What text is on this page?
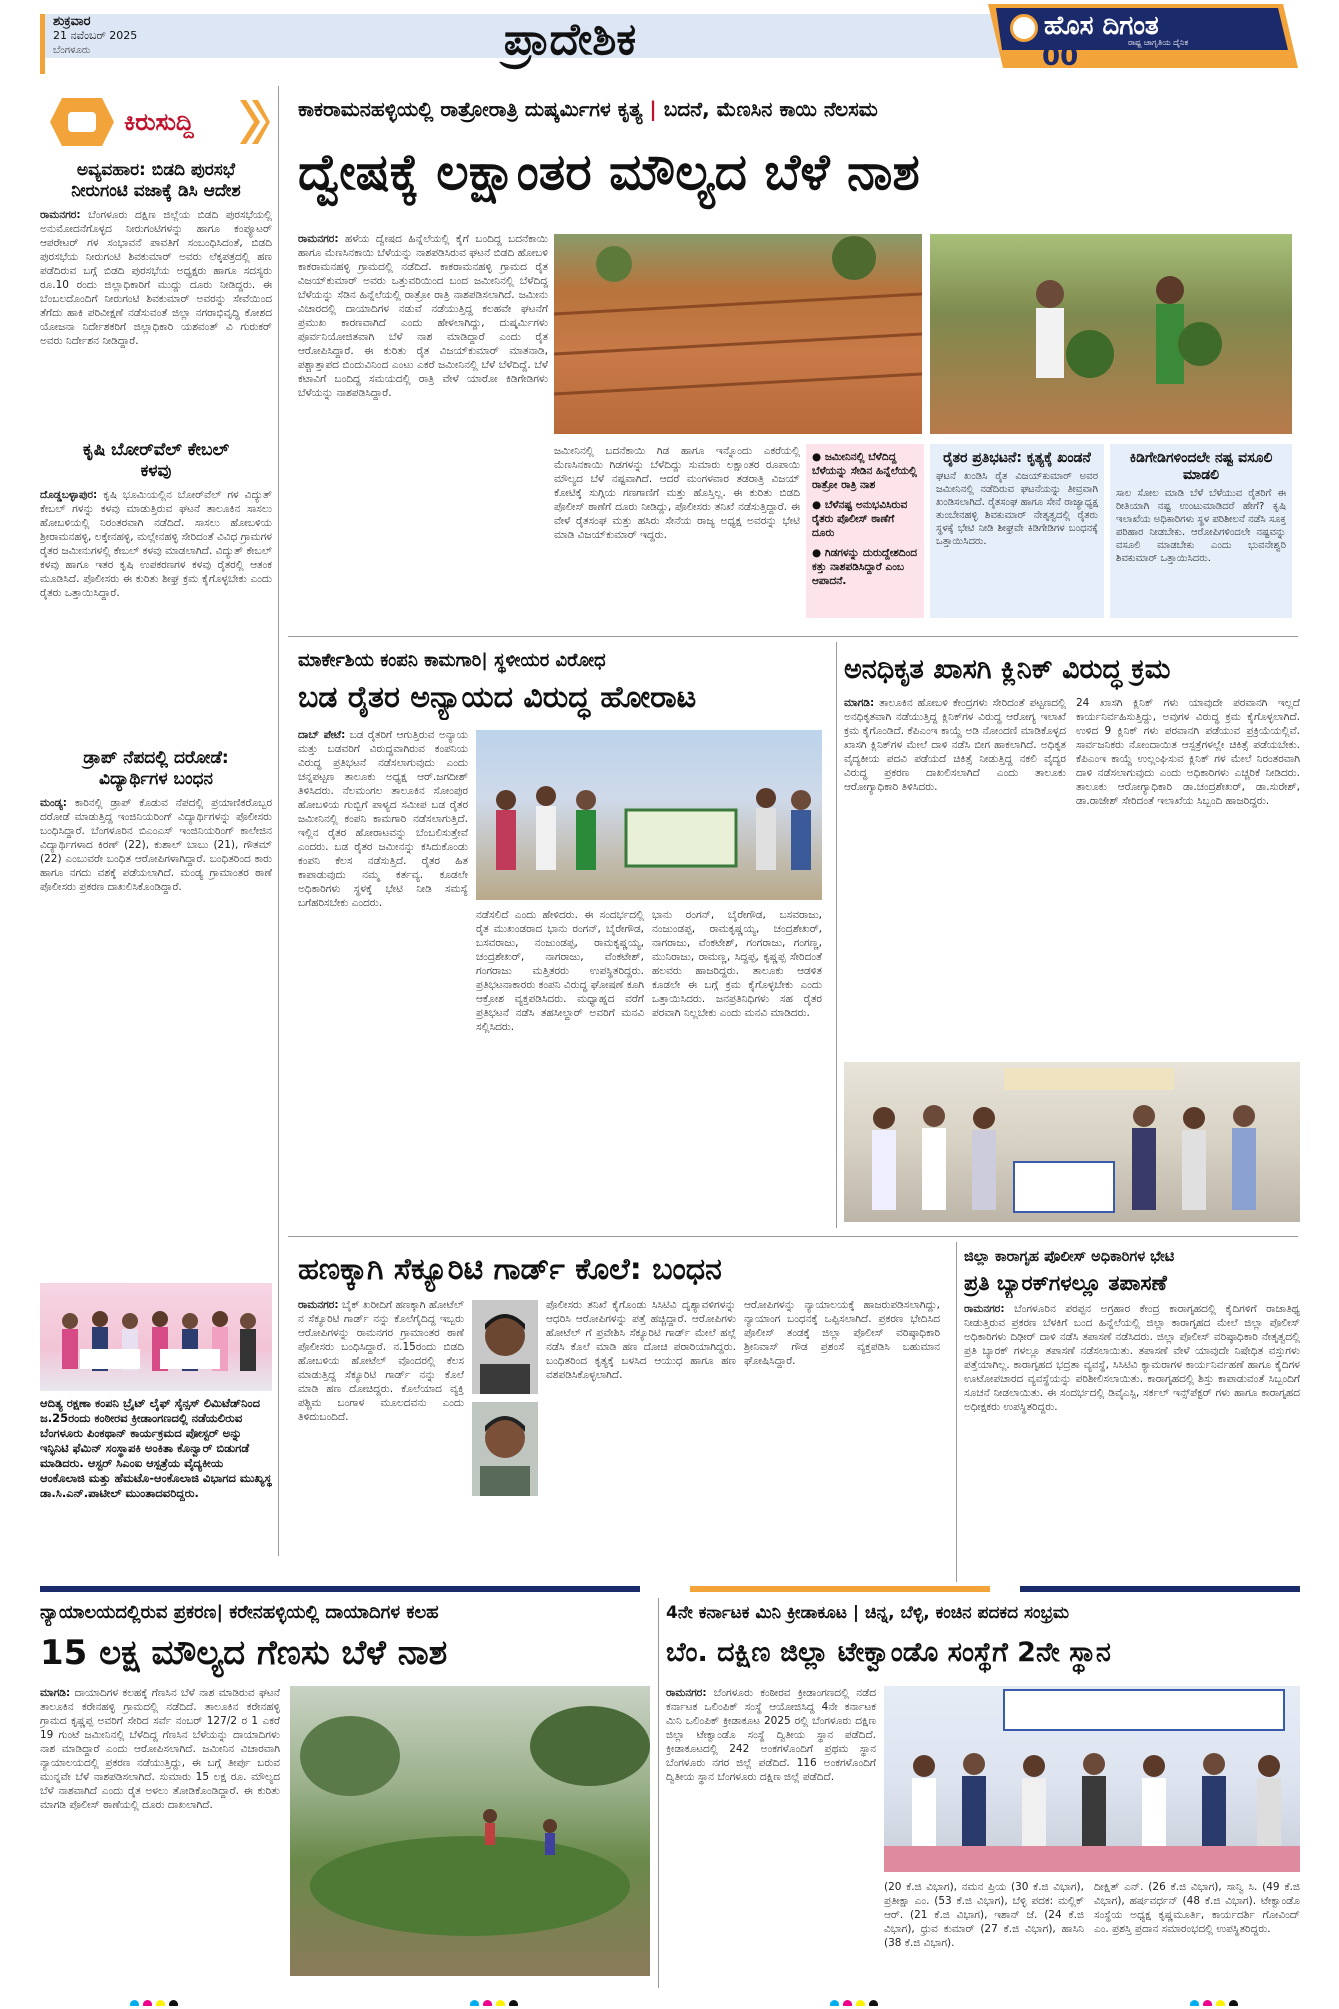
ಶುಕ್ರವಾರ
21 ನವೆಂಬರ್ 2025
ಬೆಂಗಳೂರು	ಪ್ರಾದೇಶಿಕ	ಹೊಸ ದಿಗಂತ
ರಾಷ್ಟ್ರ ಜಾಗೃತಿಯ ದೈನಿಕ
00
ಕಿರುಸುದ್ದಿ
ಅವ್ಯವಹಾರ: ಬಿಡದಿ ಪುರಸಭೆ ನೀರುಗಂಟಿ ವಜಾಕ್ಕೆ ಡಿಸಿ ಆದೇಶ
ರಾಮನಗರ: ಬೆಂಗಳೂರು ದಕ್ಷಿಣ ಜಿಲ್ಲೆಯ ಬಿಡದಿ ಪುರಸಭೆಯಲ್ಲಿ ಅನುಮೋದನೆಗೊಳ್ಳದ ನೀರುಗಂಟಿಗಳನ್ನು ಹಾಗೂ ಕಂಪ್ಯೂಟರ್ ಆಪರೇಟರ್ ಗಳ ಸಂಭಾವನೆ ಪಾವತಿಗೆ ಸಂಬಂಧಿಸಿದಂತೆ, ಬಿಡದಿ ಪುರಸಭೆಯ ನೀರುಗಂಟಿ ಶಿವಕುಮಾರ್ ಅವರು ಲೆಕ್ಕಪತ್ರದಲ್ಲಿ ಹಣ ಪಡೆದಿರುವ ಬಗ್ಗೆ ಬಿಡದಿ ಪುರಸಭೆಯ ಅಧ್ಯಕ್ಷರು ಹಾಗೂ ಸದಸ್ಯರು ರೂ.10 ರಂದು ಜಿಲ್ಲಾಧಿಕಾರಿಗೆ ಮುದ್ದು ದೂರು ನೀಡಿದ್ದರು. ಈ ಬೆಂಬಲದೊಂದಿಗೆ ನೀರುಗಂಟಿ ಶಿವಕುಮಾರ್ ಅವರನ್ನು ಸೇವೆಯಿಂದ ತೆಗೆದು ಹಾಕಿ ಪರಿವೀಕ್ಷಣೆ ನಡೆಸುವಂತೆ ಜಿಲ್ಲಾ ನಗರಾಭಿವೃದ್ಧಿ ಕೋಶದ ಯೋಜನಾ ನಿರ್ದೇಶಕರಿಗೆ ಜಿಲ್ಲಾಧಿಕಾರಿ ಯಶವಂತ್ ವಿ ಗುರುಕರ್ ಅವರು ನಿರ್ದೇಶನ ನೀಡಿದ್ದಾರೆ.
ಕೃಷಿ ಬೋರ್‌ವೆಲ್ ಕೇಬಲ್ ಕಳವು
ದೊಡ್ಡಬಳ್ಳಾಪುರ: ಕೃಷಿ ಭೂಮಿಯಲ್ಲಿನ ಬೋರ್‌ವೆಲ್ ಗಳ ವಿದ್ಯುತ್ ಕೇಬಲ್ ಗಳನ್ನು ಕಳವು ಮಾಡುತ್ತಿರುವ ಘಟನೆ ತಾಲೂಕಿನ ಸಾಸಲು ಹೋಬಳಿಯಲ್ಲಿ ನಿರಂತರವಾಗಿ ನಡೆದಿದೆ. ಸಾಸಲು ಹೋಬಳಿಯ ಶ್ರೀರಾಮನಹಳ್ಳಿ, ಲಕ್ಕೇನಹಳ್ಳಿ, ಮಲ್ಲೇನಹಳ್ಳಿ ಸೇರಿದಂತೆ ವಿವಿಧ ಗ್ರಾಮಗಳ ರೈತರ ಜಮೀನುಗಳಲ್ಲಿ ಕೇಬಲ್ ಕಳವು ಮಾಡಲಾಗಿದೆ. ವಿದ್ಯುತ್ ಕೇಬಲ್ ಕಳವು ಹಾಗೂ ಇತರ ಕೃಷಿ ಉಪಕರಣಗಳ ಕಳವು ರೈತರಲ್ಲಿ ಆತಂಕ ಮೂಡಿಸಿದೆ. ಪೊಲೀಸರು ಈ ಕುರಿತು ಶೀಘ್ರ ಕ್ರಮ ಕೈಗೊಳ್ಳಬೇಕು ಎಂದು ರೈತರು ಒತ್ತಾಯಿಸಿದ್ದಾರೆ.
ಡ್ರಾಪ್ ನೆಪದಲ್ಲಿ ದರೋಡೆ: ವಿದ್ಯಾರ್ಥಿಗಳ ಬಂಧನ
ಮಂಡ್ಯ: ಕಾರಿನಲ್ಲಿ ಡ್ರಾಪ್ ಕೊಡುವ ನೆಪದಲ್ಲಿ ಪ್ರಯಾಣಿಕರೊಬ್ಬರ ದರೋಡೆ ಮಾಡುತ್ತಿದ್ದ ಇಂಜಿನಿಯರಿಂಗ್ ವಿದ್ಯಾರ್ಥಿಗಳನ್ನು ಪೊಲೀಸರು ಬಂಧಿಸಿದ್ದಾರೆ. ಬೆಂಗಳೂರಿನ ಬಿಎಂಎಸ್ ಇಂಜಿನಿಯರಿಂಗ್ ಕಾಲೇಜಿನ ವಿದ್ಯಾರ್ಥಿಗಳಾದ ಕಿರಣ್ (22), ಕುಶಾಲ್ ಬಾಬು (21), ಗೌತಮ್ (22) ಎಂಬುವರೇ ಬಂಧಿತ ಆರೋಪಿಗಳಾಗಿದ್ದಾರೆ. ಬಂಧಿತರಿಂದ ಕಾರು ಹಾಗೂ ನಗದು ವಶಕ್ಕೆ ಪಡೆಯಲಾಗಿದೆ. ಮಂಡ್ಯ ಗ್ರಾಮಾಂತರ ಠಾಣೆ ಪೊಲೀಸರು ಪ್ರಕರಣ ದಾಖಲಿಸಿಕೊಂಡಿದ್ದಾರೆ.
ಆದಿತ್ಯ ರಕ್ಷಣಾ ಕಂಪನಿ ಬ್ರೈಟ್ ಲೈಫ್ ಸೈನ್ಸಸ್ ಲಿಮಿಟೆಡ್‌ನಿಂದ ಜ.25ರಂದು ಕಂಠೀರವ ಕ್ರೀಡಾಂಗಣದಲ್ಲಿ ನಡೆಯಲಿರುವ ಬೆಂಗಳೂರು ಪಿಂಕಥಾನ್ ಕಾರ್ಯಕ್ರಮದ ಪೋಸ್ಟರ್ ಅನ್ನು ಇನ್ಫಿನಿಟಿ ಫೆಮಿನ್ ಸಂಸ್ಥಾಪಕಿ ಅಂಕಿತಾ ಕೊನ್ವಾರ್ ಬಿಡುಗಡೆ ಮಾಡಿದರು. ಆಸ್ಟರ್ ಸಿಎಂಐ ಆಸ್ಪತ್ರೆಯ ವೈದ್ಯಕೀಯ ಆಂಕೊಲಾಜಿ ಮತ್ತು ಹೆಮಟೊ-ಆಂಕೊಲಾಜಿ ವಿಭಾಗದ ಮುಖ್ಯಸ್ಥ ಡಾ.ಸಿ.ಎನ್.ಪಾಟೀಲ್ ಮುಂತಾದವರಿದ್ದರು.
ಕಾಕರಾಮನಹಳ್ಳಿಯಲ್ಲಿ ರಾತ್ರೋರಾತ್ರಿ ದುಷ್ಕರ್ಮಿಗಳ ಕೃತ್ಯ | ಬದನೆ, ಮೆಣಸಿನ ಕಾಯಿ ನೆಲಸಮ
ದ್ವೇಷಕ್ಕೆ ಲಕ್ಷಾಂತರ ಮೌಲ್ಯದ ಬೆಳೆ ನಾಶ
ರಾಮನಗರ: ಹಳೆಯ ದ್ವೇಷದ ಹಿನ್ನೆಲೆಯಲ್ಲಿ ಕೈಗೆ ಬಂದಿದ್ದ ಬದನೆಕಾಯಿ ಹಾಗೂ ಮೆಣಸಿನಕಾಯಿ ಬೆಳೆಯನ್ನು ನಾಶಪಡಿಸಿರುವ ಘಟನೆ ಬಿಡದಿ ಹೋಬಳಿ ಕಾಕರಾಮನಹಳ್ಳಿ ಗ್ರಾಮದಲ್ಲಿ ನಡೆದಿದೆ. ಕಾಕರಾಮನಹಳ್ಳಿ ಗ್ರಾಮದ ರೈತ ವಿಜಯ್‌ಕುಮಾರ್ ಅವರು ಒತ್ತುವರಿಯಿಂದ ಬಂದ ಜಮೀನಿನಲ್ಲಿ ಬೆಳೆದಿದ್ದ ಬೆಳೆಯನ್ನು ಸೆಡಿನ ಹಿನ್ನೆಲೆಯಲ್ಲಿ ರಾತ್ರೋ ರಾತ್ರಿ ನಾಶಪಡಿಸಲಾಗಿದೆ. ಜಮೀನು ವಿಚಾರದಲ್ಲಿ ದಾಯಾದಿಗಳ ನಡುವೆ ನಡೆಯುತ್ತಿದ್ದ ಕಲಹವೇ ಘಟನೆಗೆ ಪ್ರಮುಖ ಕಾರಣವಾಗಿದೆ ಎಂದು ಹೇಳಲಾಗಿದ್ದು, ದುಷ್ಕರ್ಮಿಗಳು ಪೂರ್ವನಿಯೋಜಿತವಾಗಿ ಬೆಳೆ ನಾಶ ಮಾಡಿದ್ದಾರೆ ಎಂದು ರೈತ ಆರೋಪಿಸಿದ್ದಾರೆ. ಈ ಕುರಿತು ರೈತ ವಿಜಯ್‌ಕುಮಾರ್ ಮಾತನಾಡಿ, ಪಶ್ಚಾತ್ತಾಪದ ಬಿಂದುವಿನಿಂದ ಎಂಟು ಎಕರೆ ಜಮೀನಿನಲ್ಲಿ ಬೆಳೆ ಬೆಳೆದಿದ್ದೆ. ಬೆಳೆ ಕಟಾವಿಗೆ ಬಂದಿದ್ದ ಸಮಯದಲ್ಲಿ ರಾತ್ರಿ ವೇಳೆ ಯಾರೋ ಕಿಡಿಗೇಡಿಗಳು ಬೆಳೆಯನ್ನು ನಾಶಪಡಿಸಿದ್ದಾರೆ.
ಜಮೀನಿನಲ್ಲಿ ಬದನೆಕಾಯಿ ಗಿಡ ಹಾಗೂ ಇನ್ನೊಂದು ಎಕರೆಯಲ್ಲಿ ಮೆಣಸಿನಕಾಯಿ ಗಿಡಗಳನ್ನು ಬೆಳೆದಿದ್ದು ಸುಮಾರು ಲಕ್ಷಾಂತರ ರೂಪಾಯಿ ಮೌಲ್ಯದ ಬೆಳೆ ನಷ್ಟವಾಗಿದೆ. ಆದರೆ ಮಂಗಳವಾರ ತಡರಾತ್ರಿ ವಿಜಯ್ ಕೋಟಿಕ್ಕೆ ಸುಗ್ಗಿಯ ಗಣಗಾಣಿಗೆ ಮತ್ತು ಹೊಸ್ತಿಲ್ಲ. ಈ ಕುರಿತು ಬಿಡದಿ ಪೊಲೀಸ್ ಠಾಣೆಗೆ ದೂರು ನೀಡಿದ್ದು, ಪೊಲೀಸರು ತನಿಖೆ ನಡೆಸುತ್ತಿದ್ದಾರೆ. ಈ ವೇಳೆ ರೈತಸಂಘ ಮತ್ತು ಹಸಿರು ಸೇನೆಯ ರಾಜ್ಯ ಅಧ್ಯಕ್ಷ ಅವರನ್ನು ಭೇಟಿ ಮಾಡಿ ವಿಜಯ್‌ಕುಮಾರ್ ಇದ್ದರು.
● ಜಮೀನಿನಲ್ಲಿ ಬೆಳೆದಿದ್ದ ಬೆಳೆಯನ್ನು ಸೇಡಿನ ಹಿನ್ನೆಲೆಯಲ್ಲಿ ರಾತ್ರೋ ರಾತ್ರಿ ನಾಶ
● ಬೆಳೆನಷ್ಟ ಅನುಭವಿಸಿರುವ ರೈತರು ಪೊಲೀಸ್ ಠಾಣೆಗೆ ದೂರು
● ಗಿಡಗಳನ್ನು ದುರುದ್ದೇಶದಿಂದ ಕತ್ತು ನಾಶಪಡಿಸಿದ್ದಾರೆ ಎಂಬ ಆಪಾದನೆ.
ರೈತರ ಪ್ರತಿಭಟನೆ: ಕೃತ್ಯಕ್ಕೆ ಖಂಡನೆ
ಘಟನೆ ಖಂಡಿಸಿ ರೈತ ವಿಜಯ್‌ಕುಮಾರ್ ಅವರ ಜಮೀನಿನಲ್ಲಿ ನಡೆದಿರುವ ಘಟನೆಯನ್ನು ತೀವ್ರವಾಗಿ ಖಂಡಿಸಲಾಗಿದೆ. ರೈತಸಂಘ ಹಾಗೂ ಸೇನೆ ರಾಜ್ಯಾಧ್ಯಕ್ಷ ತುಂಬೇನಹಳ್ಳಿ ಶಿವಕುಮಾರ್ ನೇತೃತ್ವದಲ್ಲಿ ರೈತರು ಸ್ಥಳಕ್ಕೆ ಭೇಟಿ ನೀಡಿ ಶೀಘ್ರವೇ ಕಿಡಿಗೇಡಿಗಳ ಬಂಧನಕ್ಕೆ ಒತ್ತಾಯಿಸಿದರು.
ಕಿಡಿಗೇಡಿಗಳಿಂದಲೇ ನಷ್ಟ ವಸೂಲಿ ಮಾಡಲಿ
ಸಾಲ ಸೋಲ ಮಾಡಿ ಬೆಳೆ ಬೆಳೆಯುವ ರೈತರಿಗೆ ಈ ರೀತಿಯಾಗಿ ನಷ್ಟ ಉಂಟುಮಾಡಿದರೆ ಹೇಗೆ? ಕೃಷಿ ಇಲಾಖೆಯ ಅಧಿಕಾರಿಗಳು ಸ್ಥಳ ಪರಿಶೀಲನೆ ನಡೆಸಿ ಸೂಕ್ತ ಪರಿಹಾರ ನೀಡಬೇಕು. ಆರೋಪಿಗಳಿಂದಲೇ ನಷ್ಟವನ್ನು ವಸೂಲಿ ಮಾಡಬೇಕು ಎಂದು ಭುವನೇಶ್ವರಿ ಶಿವಕುಮಾರ್ ಒತ್ತಾಯಿಸಿದರು.
ಮಾರ್ಕೇಶಿಯ ಕಂಪನಿ ಕಾಮಗಾರಿ| ಸ್ಥಳೀಯರ ವಿರೋಧ
ಬಡ ರೈತರ ಅನ್ಯಾಯದ ವಿರುದ್ಧ ಹೋರಾಟ
ದಾಬ್ ಪೇಟೆ: ಬಡ ರೈತರಿಗೆ ಆಗುತ್ತಿರುವ ಅನ್ಯಾಯ ಮತ್ತು ಬಡವರಿಗೆ ವಿರುದ್ಧವಾಗಿರುವ ಕಂಪನಿಯ ವಿರುದ್ಧ ಪ್ರತಿಭಟನೆ ನಡೆಸಲಾಗುವುದು ಎಂದು ಚನ್ನಪಟ್ಟಣ ತಾಲೂಕು ಅಧ್ಯಕ್ಷ ಆರ್.ಜಗದೀಶ್ ತಿಳಿಸಿದರು. ನೆಲಮಂಗಲ ತಾಲೂಕಿನ ಸೋಂಪುರ ಹೋಬಳಿಯ ಗುಬ್ಬಿಗೆ ಪಾಳ್ಯದ ಸಮೀಪ ಬಡ ರೈತರ ಜಮೀನಿನಲ್ಲಿ ಕಂಪನಿ ಕಾಮಗಾರಿ ನಡೆಸಲಾಗುತ್ತಿದೆ. ಇಲ್ಲಿನ ರೈತರ ಹೋರಾಟವನ್ನು ಬೆಂಬಲಿಸುತ್ತೇವೆ ಎಂದರು. ಬಡ ರೈತರ ಜಮೀನನ್ನು ಕಸಿದುಕೊಂಡು ಕಂಪನಿ ಕೆಲಸ ನಡೆಸುತ್ತಿದೆ. ರೈತರ ಹಿತ ಕಾಪಾಡುವುದು ನಮ್ಮ ಕರ್ತವ್ಯ. ಕೂಡಲೇ ಅಧಿಕಾರಿಗಳು ಸ್ಥಳಕ್ಕೆ ಭೇಟಿ ನೀಡಿ ಸಮಸ್ಯೆ ಬಗೆಹರಿಸಬೇಕು ಎಂದರು.
ನಡೆಸಲಿದೆ ಎಂದು ಹೇಳಿದರು. ಈ ಸಂದರ್ಭದಲ್ಲಿ ರೈತ ಮುಖಂಡರಾದ ಭಾನು ರಂಗನ್, ಬೈರೇಗೌಡ, ಬಸವರಾಜು, ನಂಜುಂಡಪ್ಪ, ರಾಮಕೃಷ್ಣಯ್ಯ, ಚಂದ್ರಶೇಖರ್, ನಾಗರಾಜು, ವೆಂಕಟೇಶ್, ಗಂಗರಾಜು ಮತ್ತಿತರರು ಉಪಸ್ಥಿತರಿದ್ದರು. ಪ್ರತಿಭಟನಾಕಾರರು ಕಂಪನಿ ವಿರುದ್ಧ ಘೋಷಣೆ ಕೂಗಿ ಆಕ್ರೋಶ ವ್ಯಕ್ತಪಡಿಸಿದರು. ಮಧ್ಯಾಹ್ನದ ವರೆಗೆ ಪ್ರತಿಭಟನೆ ನಡೆಸಿ ತಹಸೀಲ್ದಾರ್ ಅವರಿಗೆ ಮನವಿ ಸಲ್ಲಿಸಿದರು.
ಭಾನು ರಂಗನ್, ಬೈರೇಗೌಡ, ಬಸವರಾಜು, ನಂಜುಂಡಪ್ಪ, ರಾಮಕೃಷ್ಣಯ್ಯ, ಚಂದ್ರಶೇಖರ್, ನಾಗರಾಜು, ವೆಂಕಟೇಶ್, ಗಂಗರಾಜು, ಗಂಗಣ್ಣ, ಮುನಿರಾಜು, ರಾಮಣ್ಣ, ಸಿದ್ದಪ್ಪ, ಕೃಷ್ಣಪ್ಪ ಸೇರಿದಂತೆ ಹಲವರು ಹಾಜರಿದ್ದರು. ತಾಲೂಕು ಆಡಳಿತ ಕೂಡಲೇ ಈ ಬಗ್ಗೆ ಕ್ರಮ ಕೈಗೊಳ್ಳಬೇಕು ಎಂದು ಒತ್ತಾಯಿಸಿದರು. ಜನಪ್ರತಿನಿಧಿಗಳು ಸಹ ರೈತರ ಪರವಾಗಿ ನಿಲ್ಲಬೇಕು ಎಂದು ಮನವಿ ಮಾಡಿದರು.
ಅನಧಿಕೃತ ಖಾಸಗಿ ಕ್ಲಿನಿಕ್ ವಿರುದ್ಧ ಕ್ರಮ
ಮಾಗಡಿ: ತಾಲೂಕಿನ ಹೋಬಳಿ ಕೇಂದ್ರಗಳು ಸೇರಿದಂತೆ ಪಟ್ಟಣದಲ್ಲಿ ಅನಧಿಕೃತವಾಗಿ ನಡೆಯುತ್ತಿದ್ದ ಕ್ಲಿನಿಕ್‌ಗಳ ವಿರುದ್ಧ ಆರೋಗ್ಯ ಇಲಾಖೆ ಕ್ರಮ ಕೈಗೊಂಡಿದೆ. ಕೆಪಿಎಂಇ ಕಾಯ್ದೆ ಅಡಿ ನೋಂದಣಿ ಮಾಡಿಕೊಳ್ಳದ ಖಾಸಗಿ ಕ್ಲಿನಿಕ್‌ಗಳ ಮೇಲೆ ದಾಳಿ ನಡೆಸಿ ಬೀಗ ಹಾಕಲಾಗಿದೆ. ಅಧಿಕೃತ ವೈದ್ಯಕೀಯ ಪದವಿ ಪಡೆಯದೆ ಚಿಕಿತ್ಸೆ ನೀಡುತ್ತಿದ್ದ ನಕಲಿ ವೈದ್ಯರ ವಿರುದ್ಧ ಪ್ರಕರಣ ದಾಖಲಿಸಲಾಗಿದೆ ಎಂದು ತಾಲೂಕು ಆರೋಗ್ಯಾಧಿಕಾರಿ ತಿಳಿಸಿದರು.
24 ಖಾಸಗಿ ಕ್ಲಿನಿಕ್ ಗಳು ಯಾವುದೇ ಪರವಾನಗಿ ಇಲ್ಲದೆ ಕಾರ್ಯನಿರ್ವಹಿಸುತ್ತಿದ್ದು, ಅವುಗಳ ವಿರುದ್ಧ ಕ್ರಮ ಕೈಗೊಳ್ಳಲಾಗಿದೆ. ಉಳಿದ 9 ಕ್ಲಿನಿಕ್ ಗಳು ಪರವಾನಗಿ ಪಡೆಯುವ ಪ್ರಕ್ರಿಯೆಯಲ್ಲಿವೆ. ಸಾರ್ವಜನಿಕರು ನೋಂದಾಯಿತ ಆಸ್ಪತ್ರೆಗಳಲ್ಲೇ ಚಿಕಿತ್ಸೆ ಪಡೆಯಬೇಕು. ಕೆಪಿಎಂಇ ಕಾಯ್ದೆ ಉಲ್ಲಂಘಿಸುವ ಕ್ಲಿನಿಕ್ ಗಳ ಮೇಲೆ ನಿರಂತರವಾಗಿ ದಾಳಿ ನಡೆಸಲಾಗುವುದು ಎಂದು ಅಧಿಕಾರಿಗಳು ಎಚ್ಚರಿಕೆ ನೀಡಿದರು. ತಾಲೂಕು ಆರೋಗ್ಯಾಧಿಕಾರಿ ಡಾ.ಚಂದ್ರಶೇಖರ್, ಡಾ.ಸುರೇಶ್, ಡಾ.ರಾಜೇಶ್ ಸೇರಿದಂತೆ ಇಲಾಖೆಯ ಸಿಬ್ಬಂದಿ ಹಾಜರಿದ್ದರು.
ಹಣಕ್ಕಾಗಿ ಸೆಕ್ಯೂರಿಟಿ ಗಾರ್ಡ್ ಕೊಲೆ: ಬಂಧನ
ರಾಮನಗರ: ಬೈಕ್ ಖರೀದಿಗೆ ಹಣಕ್ಕಾಗಿ ಹೋಟೆಲ್ ನ ಸೆಕ್ಯೂರಿಟಿ ಗಾರ್ಡ್ ನನ್ನು ಕೊಲೆಗೈದಿದ್ದ ಇಬ್ಬರು ಆರೋಪಿಗಳನ್ನು ರಾಮನಗರ ಗ್ರಾಮಾಂತರ ಠಾಣೆ ಪೊಲೀಸರು ಬಂಧಿಸಿದ್ದಾರೆ. ನ.15ರಂದು ಬಿಡದಿ ಹೋಬಳಿಯ ಹೋಟೆಲ್ ವೊಂದರಲ್ಲಿ ಕೆಲಸ ಮಾಡುತ್ತಿದ್ದ ಸೆಕ್ಯೂರಿಟಿ ಗಾರ್ಡ್ ನನ್ನು ಕೊಲೆ ಮಾಡಿ ಹಣ ದೋಚಿದ್ದರು. ಕೊಲೆಯಾದ ವ್ಯಕ್ತಿ ಪಶ್ಚಿಮ ಬಂಗಾಳ ಮೂಲದವನು ಎಂದು ತಿಳಿದುಬಂದಿದೆ.
ಪೊಲೀಸರು ತನಿಖೆ ಕೈಗೊಂಡು ಸಿಸಿಟಿವಿ ದೃಶ್ಯಾವಳಿಗಳನ್ನು ಆಧರಿಸಿ ಆರೋಪಿಗಳನ್ನು ಪತ್ತೆ ಹಚ್ಚಿದ್ದಾರೆ. ಆರೋಪಿಗಳು ಹೋಟೆಲ್ ಗೆ ಪ್ರವೇಶಿಸಿ ಸೆಕ್ಯೂರಿಟಿ ಗಾರ್ಡ್ ಮೇಲೆ ಹಲ್ಲೆ ನಡೆಸಿ ಕೊಲೆ ಮಾಡಿ ಹಣ ದೋಚಿ ಪರಾರಿಯಾಗಿದ್ದರು. ಬಂಧಿತರಿಂದ ಕೃತ್ಯಕ್ಕೆ ಬಳಸಿದ ಆಯುಧ ಹಾಗೂ ಹಣ ವಶಪಡಿಸಿಕೊಳ್ಳಲಾಗಿದೆ.
ಆರೋಪಿಗಳನ್ನು ನ್ಯಾಯಾಲಯಕ್ಕೆ ಹಾಜರುಪಡಿಸಲಾಗಿದ್ದು, ನ್ಯಾಯಾಂಗ ಬಂಧನಕ್ಕೆ ಒಪ್ಪಿಸಲಾಗಿದೆ. ಪ್ರಕರಣ ಭೇದಿಸಿದ ಪೊಲೀಸ್ ತಂಡಕ್ಕೆ ಜಿಲ್ಲಾ ಪೊಲೀಸ್ ವರಿಷ್ಠಾಧಿಕಾರಿ ಶ್ರೀನಿವಾಸ್ ಗೌಡ ಪ್ರಶಂಸೆ ವ್ಯಕ್ತಪಡಿಸಿ ಬಹುಮಾನ ಘೋಷಿಸಿದ್ದಾರೆ.
ಜಿಲ್ಲಾ ಕಾರಾಗೃಹ ಪೊಲೀಸ್ ಅಧಿಕಾರಿಗಳ ಭೇಟಿ
ಪ್ರತಿ ಬ್ಯಾರಕ್‌ಗಳಲ್ಲೂ ತಪಾಸಣೆ
ರಾಮನಗರ: ಬೆಂಗಳೂರಿನ ಪರಪ್ಪನ ಅಗ್ರಹಾರ ಕೇಂದ್ರ ಕಾರಾಗೃಹದಲ್ಲಿ ಕೈದಿಗಳಿಗೆ ರಾಜಾತಿಥ್ಯ ನೀಡುತ್ತಿರುವ ಪ್ರಕರಣ ಬೆಳಕಿಗೆ ಬಂದ ಹಿನ್ನೆಲೆಯಲ್ಲಿ ಜಿಲ್ಲಾ ಕಾರಾಗೃಹದ ಮೇಲೆ ಜಿಲ್ಲಾ ಪೊಲೀಸ್ ಅಧಿಕಾರಿಗಳು ದಿಢೀರ್ ದಾಳಿ ನಡೆಸಿ ತಪಾಸಣೆ ನಡೆಸಿದರು. ಜಿಲ್ಲಾ ಪೊಲೀಸ್ ವರಿಷ್ಠಾಧಿಕಾರಿ ನೇತೃತ್ವದಲ್ಲಿ ಪ್ರತಿ ಬ್ಯಾರಕ್ ಗಳಲ್ಲೂ ತಪಾಸಣೆ ನಡೆಸಲಾಯಿತು. ತಪಾಸಣೆ ವೇಳೆ ಯಾವುದೇ ನಿಷೇಧಿತ ವಸ್ತುಗಳು ಪತ್ತೆಯಾಗಿಲ್ಲ. ಕಾರಾಗೃಹದ ಭದ್ರತಾ ವ್ಯವಸ್ಥೆ, ಸಿಸಿಟಿವಿ ಕ್ಯಾಮರಾಗಳ ಕಾರ್ಯನಿರ್ವಹಣೆ ಹಾಗೂ ಕೈದಿಗಳ ಊಟೋಪಚಾರದ ವ್ಯವಸ್ಥೆಯನ್ನು ಪರಿಶೀಲಿಸಲಾಯಿತು. ಕಾರಾಗೃಹದಲ್ಲಿ ಶಿಸ್ತು ಕಾಪಾಡುವಂತೆ ಸಿಬ್ಬಂದಿಗೆ ಸೂಚನೆ ನೀಡಲಾಯಿತು. ಈ ಸಂದರ್ಭದಲ್ಲಿ ಡಿವೈಎಸ್ಪಿ, ಸರ್ಕಲ್ ಇನ್ಸ್‌ಪೆಕ್ಟರ್ ಗಳು ಹಾಗೂ ಕಾರಾಗೃಹದ ಅಧೀಕ್ಷಕರು ಉಪಸ್ಥಿತರಿದ್ದರು.
ನ್ಯಾಯಾಲಯದಲ್ಲಿರುವ ಪ್ರಕರಣ| ಕರೇನಹಳ್ಳಿಯಲ್ಲಿ ದಾಯಾದಿಗಳ ಕಲಹ
15 ಲಕ್ಷ ಮೌಲ್ಯದ ಗೆಣಸು ಬೆಳೆ ನಾಶ
ಮಾಗಡಿ: ದಾಯಾದಿಗಳ ಕಲಹಕ್ಕೆ ಗೆಣಸಿನ ಬೆಳೆ ನಾಶ ಮಾಡಿರುವ ಘಟನೆ ತಾಲೂಕಿನ ಕರೇನಹಳ್ಳಿ ಗ್ರಾಮದಲ್ಲಿ ನಡೆದಿದೆ. ತಾಲೂಕಿನ ಕರೇನಹಳ್ಳಿ ಗ್ರಾಮದ ಕೃಷ್ಣಪ್ಪ ಅವರಿಗೆ ಸೇರಿದ ಸರ್ವೆ ನಂಬರ್ 127/2 ರ 1 ಎಕರೆ 19 ಗುಂಟೆ ಜಮೀನಿನಲ್ಲಿ ಬೆಳೆದಿದ್ದ ಗೆಣಸಿನ ಬೆಳೆಯನ್ನು ದಾಯಾದಿಗಳು ನಾಶ ಮಾಡಿದ್ದಾರೆ ಎಂದು ಆರೋಪಿಸಲಾಗಿದೆ. ಜಮೀನಿನ ವಿಚಾರವಾಗಿ ನ್ಯಾಯಾಲಯದಲ್ಲಿ ಪ್ರಕರಣ ನಡೆಯುತ್ತಿದ್ದು, ಈ ಬಗ್ಗೆ ತೀರ್ಪು ಬರುವ ಮುನ್ನವೇ ಬೆಳೆ ನಾಶಪಡಿಸಲಾಗಿದೆ. ಸುಮಾರು 15 ಲಕ್ಷ ರೂ. ಮೌಲ್ಯದ ಬೆಳೆ ನಾಶವಾಗಿದೆ ಎಂದು ರೈತ ಅಳಲು ತೋಡಿಕೊಂಡಿದ್ದಾರೆ. ಈ ಕುರಿತು ಮಾಗಡಿ ಪೊಲೀಸ್ ಠಾಣೆಯಲ್ಲಿ ದೂರು ದಾಖಲಾಗಿದೆ.
4ನೇ ಕರ್ನಾಟಕ ಮಿನಿ ಕ್ರೀಡಾಕೂಟ | ಚಿನ್ನ, ಬೆಳ್ಳಿ, ಕಂಚಿನ ಪದಕದ ಸಂಭ್ರಮ
ಬೆಂ. ದಕ್ಷಿಣ ಜಿಲ್ಲಾ ಟೇಕ್ವಾಂಡೊ ಸಂಸ್ಥೆಗೆ 2ನೇ ಸ್ಥಾನ
ರಾಮನಗರ: ಬೆಂಗಳೂರು ಕಂಠೀರವ ಕ್ರೀಡಾಂಗಣದಲ್ಲಿ ನಡೆದ ಕರ್ನಾಟಕ ಒಲಿಂಪಿಕ್ ಸಂಸ್ಥೆ ಆಯೋಜಿಸಿದ್ದ 4ನೇ ಕರ್ನಾಟಕ ಮಿನಿ ಒಲಿಂಪಿಕ್ ಕ್ರೀಡಾಕೂಟ 2025 ರಲ್ಲಿ ಬೆಂಗಳೂರು ದಕ್ಷಿಣ ಜಿಲ್ಲಾ ಟೇಕ್ವಾಂಡೊ ಸಂಸ್ಥೆ ದ್ವಿತೀಯ ಸ್ಥಾನ ಪಡೆದಿದೆ. ಕ್ರೀಡಾಕೂಟದಲ್ಲಿ 242 ಅಂಕಗಳೊಂದಿಗೆ ಪ್ರಥಮ ಸ್ಥಾನ ಬೆಂಗಳೂರು ನಗರ ಜಿಲ್ಲೆ ಪಡೆದಿದೆ. 116 ಅಂಕಗಳೊಂದಿಗೆ ದ್ವಿತೀಯ ಸ್ಥಾನ ಬೆಂಗಳೂರು ದಕ್ಷಿಣ ಜಿಲ್ಲೆ ಪಡೆದಿದೆ.
(20 ಕೆ.ಜಿ ವಿಭಾಗ), ನಮನ ಪ್ರಿಯ (30 ಕೆ.ಜಿ ವಿಭಾಗ), ಪ್ರತೀಕ್ಷಾ ಎಂ. (53 ಕೆ.ಜಿ ವಿಭಾಗ), ಬೆಳ್ಳಿ ಪದಕ: ಮಲ್ಲಿಕ್ ಆರ್. (21 ಕೆ.ಜಿ ವಿಭಾಗ), ಇಶಾನ್ ಜೆ. (24 ಕೆ.ಜಿ ವಿಭಾಗ), ಧ್ರುವ ಕುಮಾರ್ (27 ಕೆ.ಜಿ ವಿಭಾಗ), ಹಾಸಿನಿ (38 ಕೆ.ಜಿ ವಿಭಾಗ).
ದೀಕ್ಷಿತ್ ಎನ್. (26 ಕೆ.ಜಿ ವಿಭಾಗ), ಸಾನ್ವಿ ಸಿ. (49 ಕೆ.ಜಿ ವಿಭಾಗ), ಹರ್ಷವರ್ಧನ್ (48 ಕೆ.ಜಿ ವಿಭಾಗ). ಟೇಕ್ವಾಂಡೊ ಸಂಸ್ಥೆಯ ಅಧ್ಯಕ್ಷ ಕೃಷ್ಣಮೂರ್ತಿ, ಕಾರ್ಯದರ್ಶಿ ಗೋವಿಂದ್ ಎಂ. ಪ್ರಶಸ್ತಿ ಪ್ರದಾನ ಸಮಾರಂಭದಲ್ಲಿ ಉಪಸ್ಥಿತರಿದ್ದರು.
